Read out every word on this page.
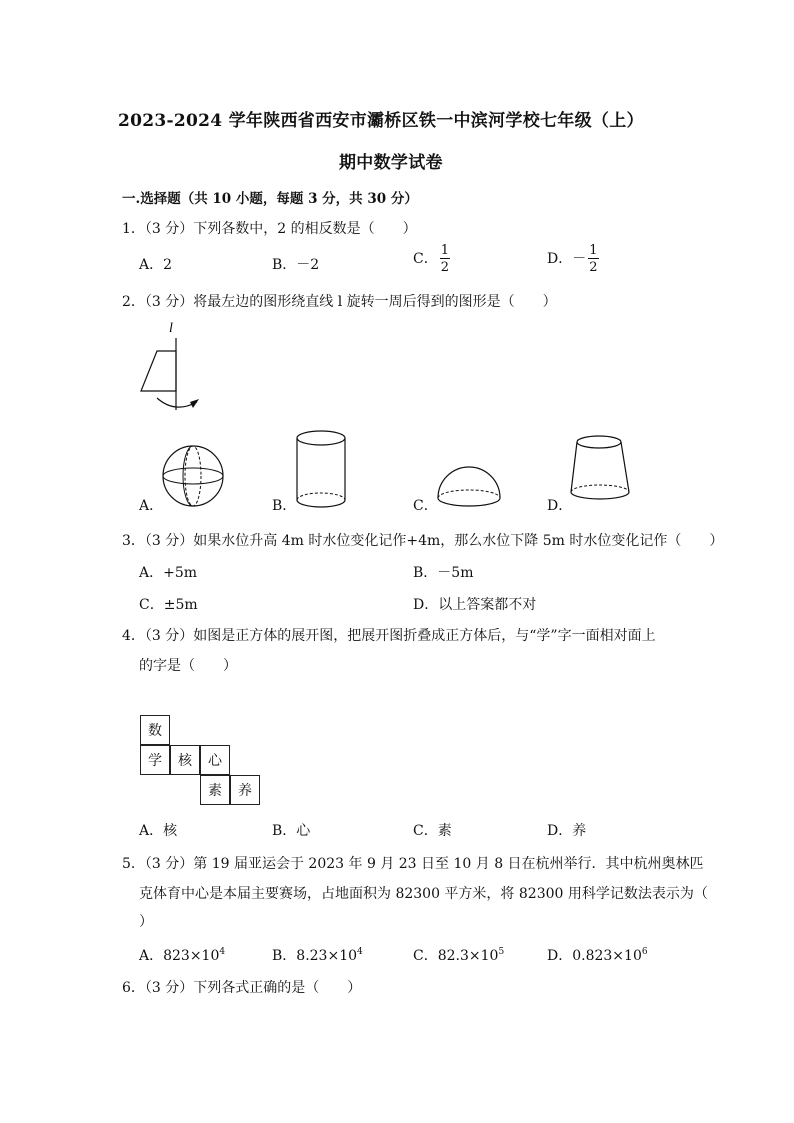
2023-2024 学年陕西省西安市灞桥区铁一中滨河学校七年级（上）
期中数学试卷
一.选择题（共 10 小题，每题 3 分，共 30 分）
1．（3 分）下列各数中，2 的相反数是（　　）
A．2	B．－2	C． $\frac{1}{2}$	D．－ $\frac{1}{2}$
2．（3 分）将最左边的图形绕直线 l 旋转一周后得到的图形是（　　）
l
A．	B．	C．	D．
3．（3 分）如果水位升高 4m 时水位变化记作+4m，那么水位下降 5m 时水位变化记作（　　）
A．+5m	B．－5m
C．±5m	D．以上答案都不对
4．（3 分）如图是正方体的展开图，把展开图折叠成正方体后，与“学”字一面相对面上
的字是（　　）
数
学	核	心
素	养
A．核	B．心	C．素	D．养
5．（3 分）第 19 届亚运会于 2023 年 9 月 23 日至 10 月 8 日在杭州举行．其中杭州奥林匹
克体育中心是本届主要赛场，占地面积为 82300 平方米，将 82300 用科学记数法表示为（
）
A．$823\times 10^4$	B．$8.23\times 10^4$	C．$82.3\times 10^5$	D．$0.823\times 10^6$
6．（3 分）下列各式正确的是（　　）
